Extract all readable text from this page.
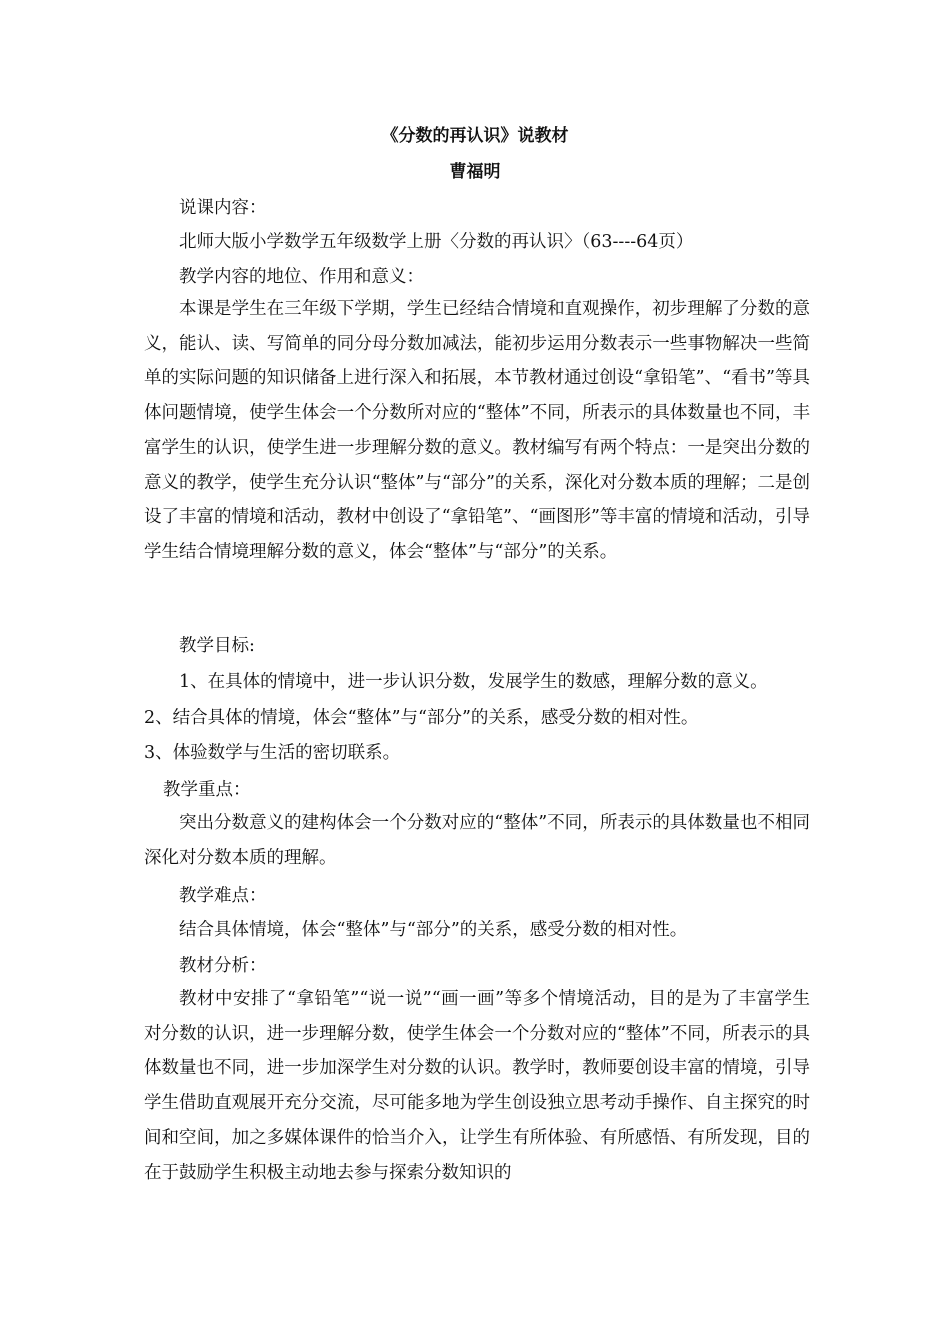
《分数的再认识》说教材
曹福明
说课内容：
北师大版小学数学五年级数学上册〈分数的再认识〉（63----64页）
教学内容的地位、作用和意义：
本课是学生在三年级下学期，学生已经结合情境和直观操作，初步理解了分数的意义，能认、读、写简单的同分母分数加减法，能初步运用分数表示一些事物解决一些简单的实际问题的知识储备上进行深入和拓展，本节教材通过创设“拿铅笔”、“看书”等具体问题情境，使学生体会一个分数所对应的“整体”不同，所表示的具体数量也不同，丰富学生的认识，使学生进一步理解分数的意义。教材编写有两个特点：一是突出分数的意义的教学，使学生充分认识“整体”与“部分”的关系，深化对分数本质的理解；二是创设了丰富的情境和活动，教材中创设了“拿铅笔”、“画图形”等丰富的情境和活动，引导学生结合情境理解分数的意义，体会“整体”与“部分”的关系。
教学目标:
1、在具体的情境中，进一步认识分数，发展学生的数感，理解分数的意义。
2、结合具体的情境，体会“整体”与“部分”的关系，感受分数的相对性。
3、体验数学与生活的密切联系。
教学重点：
突出分数意义的建构体会一个分数对应的“整体”不同，所表示的具体数量也不相同深化对分数本质的理解。
教学难点：
结合具体情境，体会“整体”与“部分”的关系，感受分数的相对性。
教材分析：
教材中安排了“拿铅笔”“说一说”“画一画”等多个情境活动，目的是为了丰富学生对分数的认识，进一步理解分数，使学生体会一个分数对应的“整体”不同，所表示的具体数量也不同，进一步加深学生对分数的认识。教学时，教师要创设丰富的情境，引导学生借助直观展开充分交流，尽可能多地为学生创设独立思考动手操作、自主探究的时间和空间，加之多媒体课件的恰当介入，让学生有所体验、有所感悟、有所发现，目的在于鼓励学生积极主动地去参与探索分数知识的
